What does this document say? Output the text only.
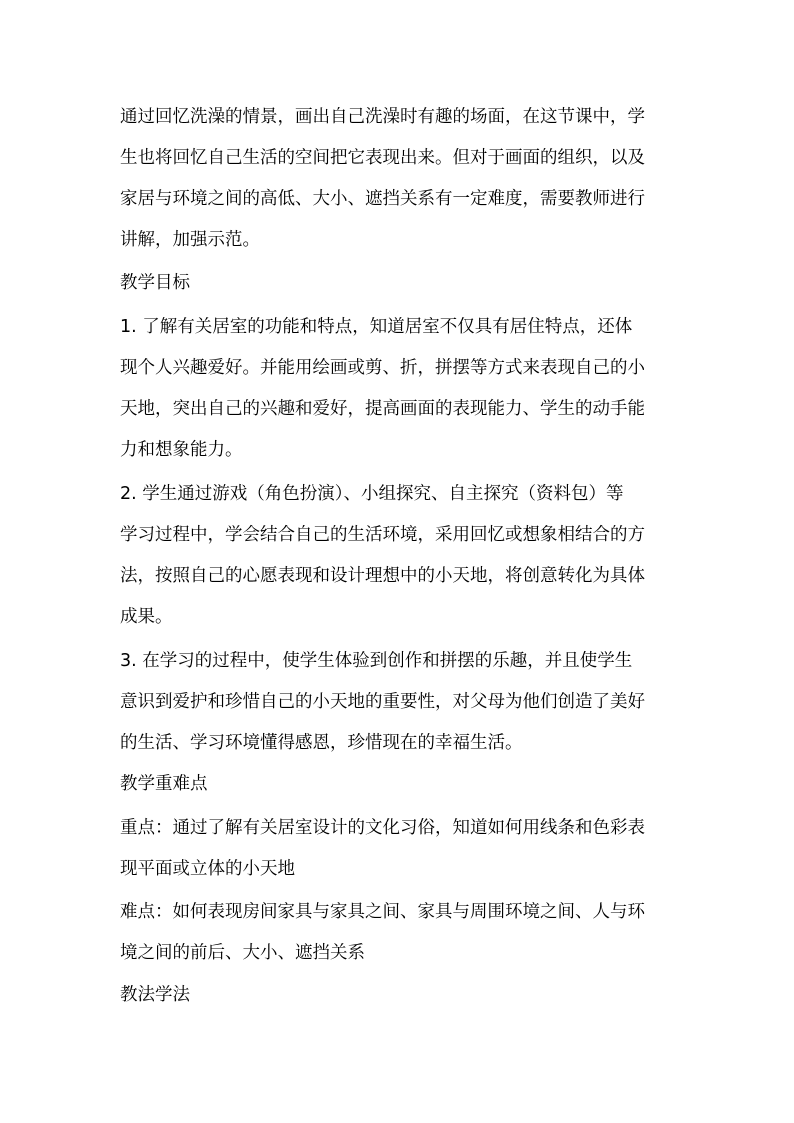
通过回忆洗澡的情景，画出自己洗澡时有趣的场面，在这节课中，学
生也将回忆自己生活的空间把它表现出来。但对于画面的组织，以及
家居与环境之间的高低、大小、遮挡关系有一定难度，需要教师进行
讲解，加强示范。
教学目标
1. 了解有关居室的功能和特点，知道居室不仅具有居住特点，还体
现个人兴趣爱好。并能用绘画或剪、折，拼摆等方式来表现自己的小
天地，突出自己的兴趣和爱好，提高画面的表现能力、学生的动手能
力和想象能力。
2. 学生通过游戏（角色扮演）、小组探究、自主探究（资料包）等
学习过程中，学会结合自己的生活环境，采用回忆或想象相结合的方
法，按照自己的心愿表现和设计理想中的小天地，将创意转化为具体
成果。
3. 在学习的过程中，使学生体验到创作和拼摆的乐趣，并且使学生
意识到爱护和珍惜自己的小天地的重要性，对父母为他们创造了美好
的生活、学习环境懂得感恩，珍惜现在的幸福生活。
教学重难点
重点：通过了解有关居室设计的文化习俗，知道如何用线条和色彩表
现平面或立体的小天地
难点：如何表现房间家具与家具之间、家具与周围环境之间、人与环
境之间的前后、大小、遮挡关系
教法学法
